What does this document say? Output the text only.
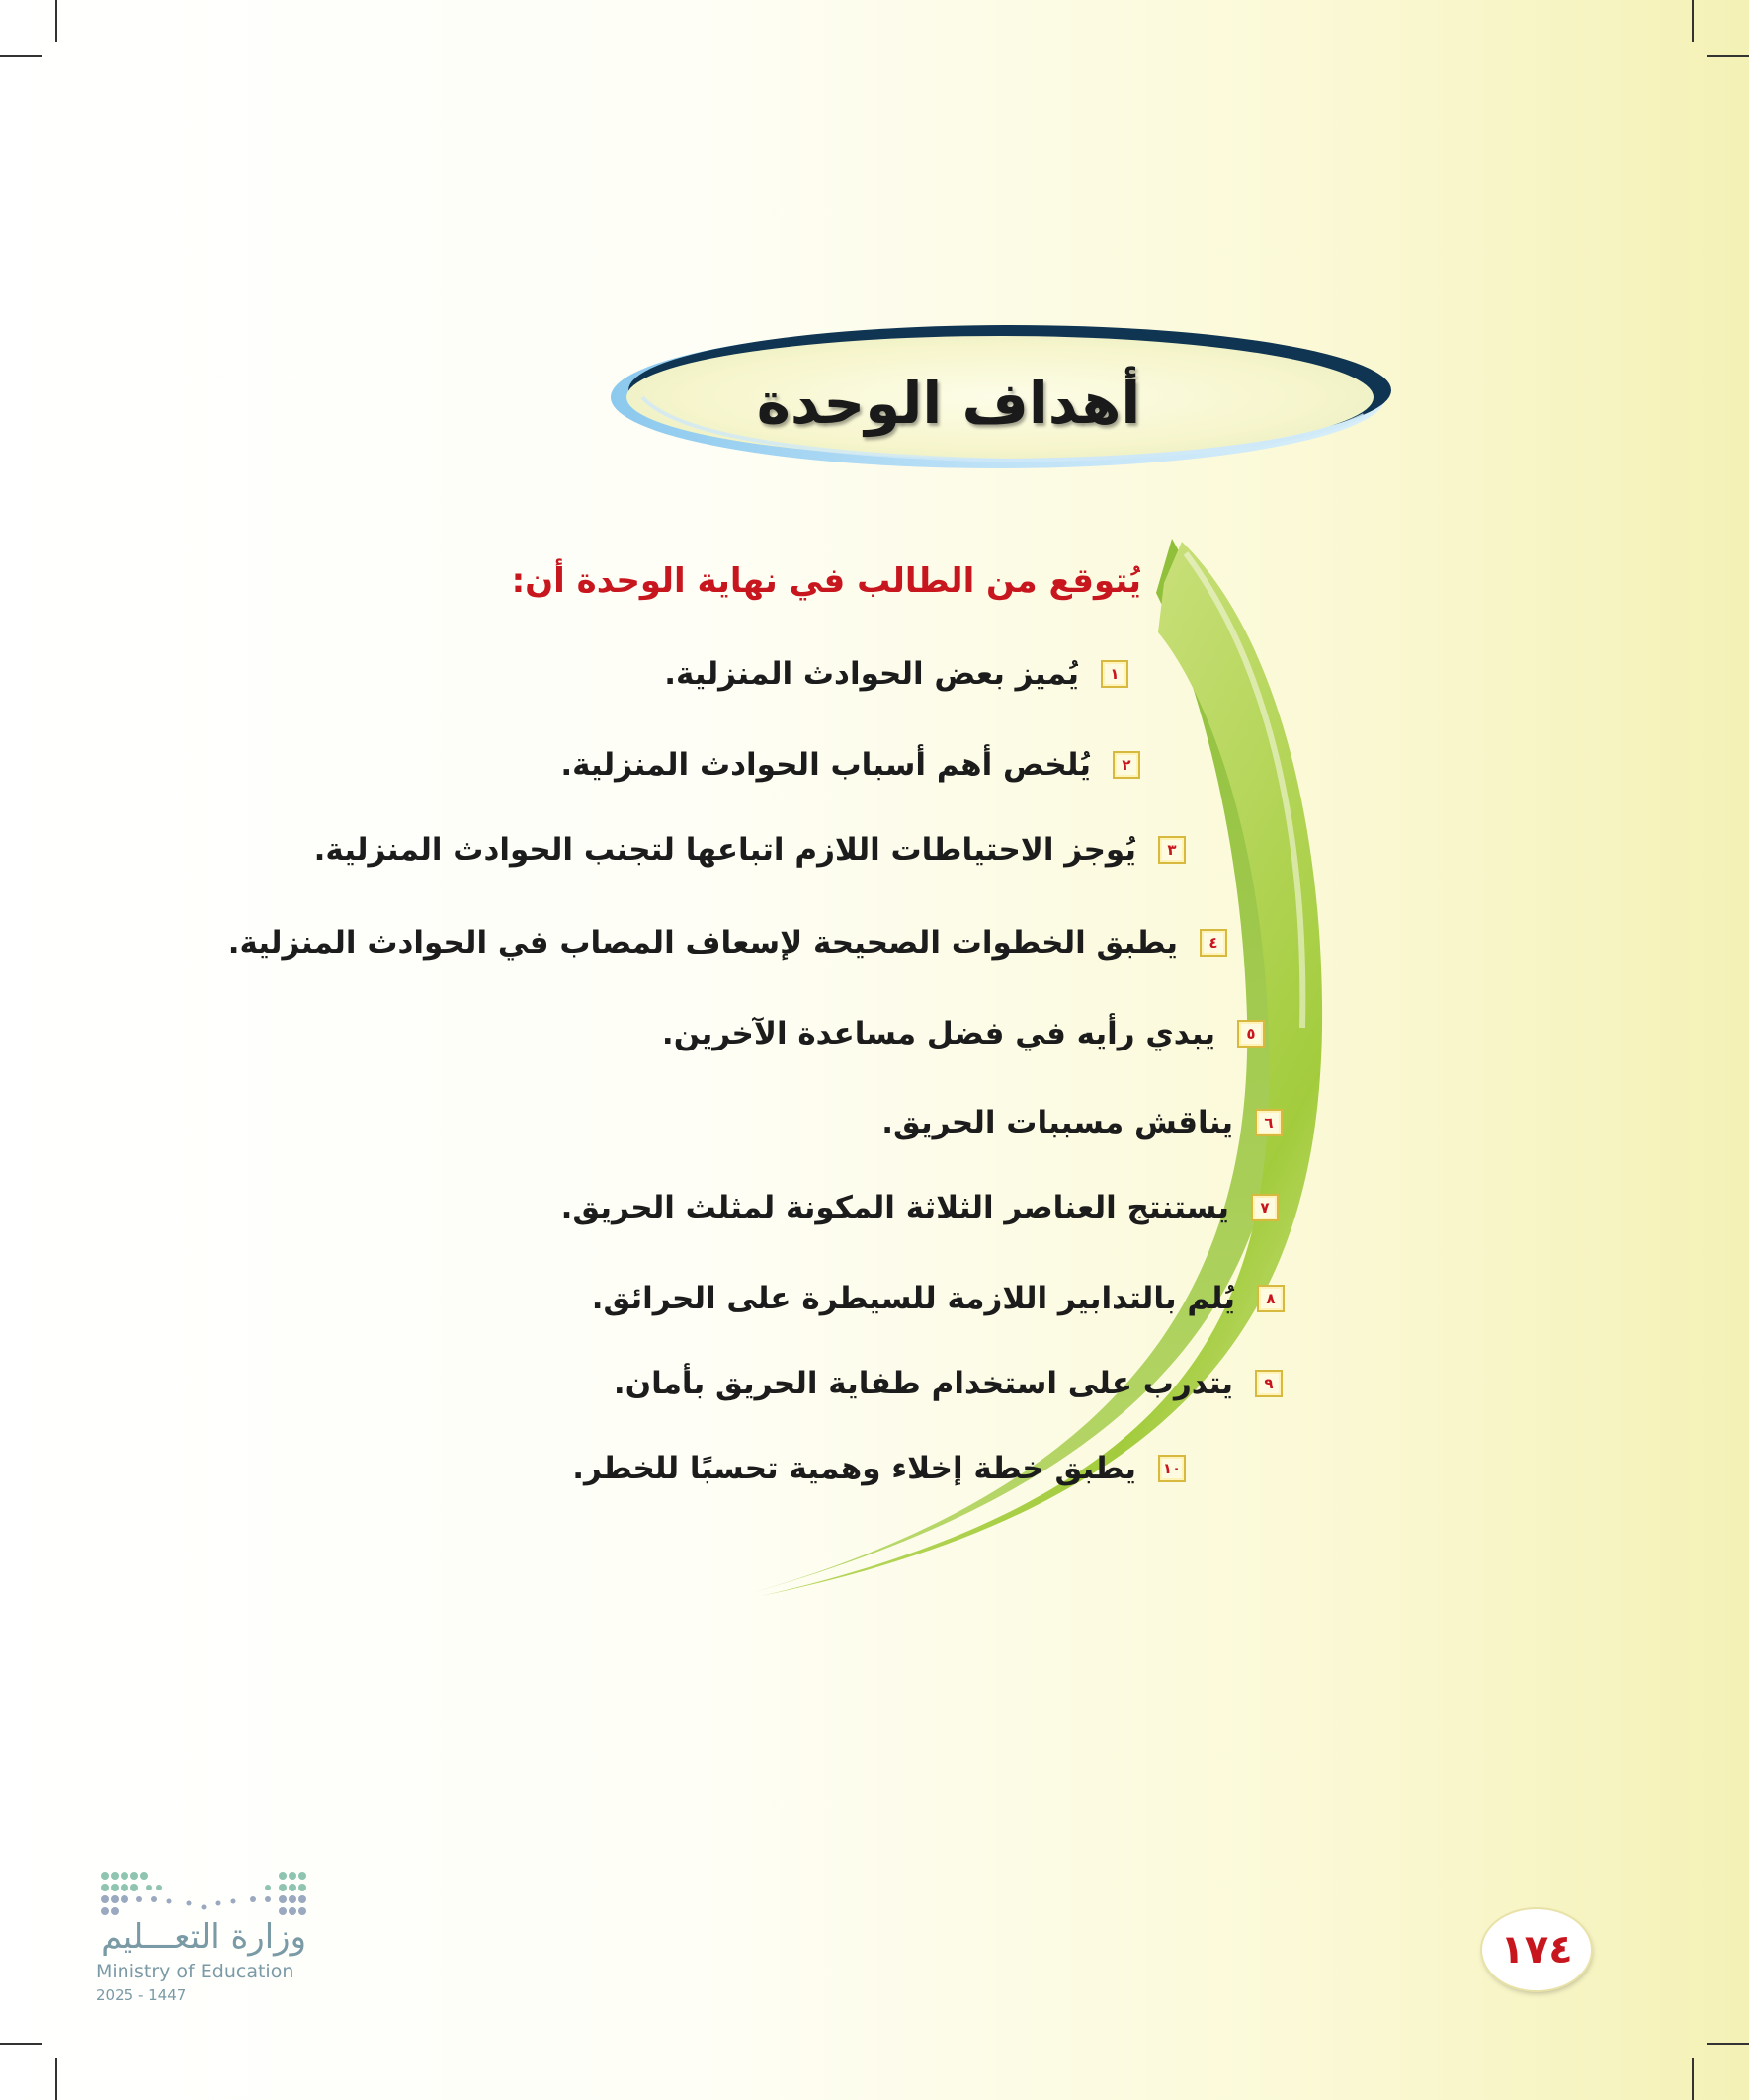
أهداف الوحدة
يُتوقع من الطالب في نهاية الوحدة أن:
١
يُميز بعض الحوادث المنزلية.
٢
يُلخص أهم أسباب الحوادث المنزلية.
٣
يُوجز الاحتياطات اللازم اتباعها لتجنب الحوادث المنزلية.
٤
يطبق الخطوات الصحيحة لإسعاف المصاب في الحوادث المنزلية.
٥
يبدي رأيه في فضل مساعدة الآخرين.
٦
يناقش مسببات الحريق.
٧
يستنتج العناصر الثلاثة المكونة لمثلث الحريق.
٨
يُلم بالتدابير اللازمة للسيطرة على الحرائق.
٩
يتدرب على استخدام طفاية الحريق بأمان.
١٠
يطبق خطة إخلاء وهمية تحسبًا للخطر.
١٧٤
وزارة التعـــليم
Ministry of Education
2025 - 1447
